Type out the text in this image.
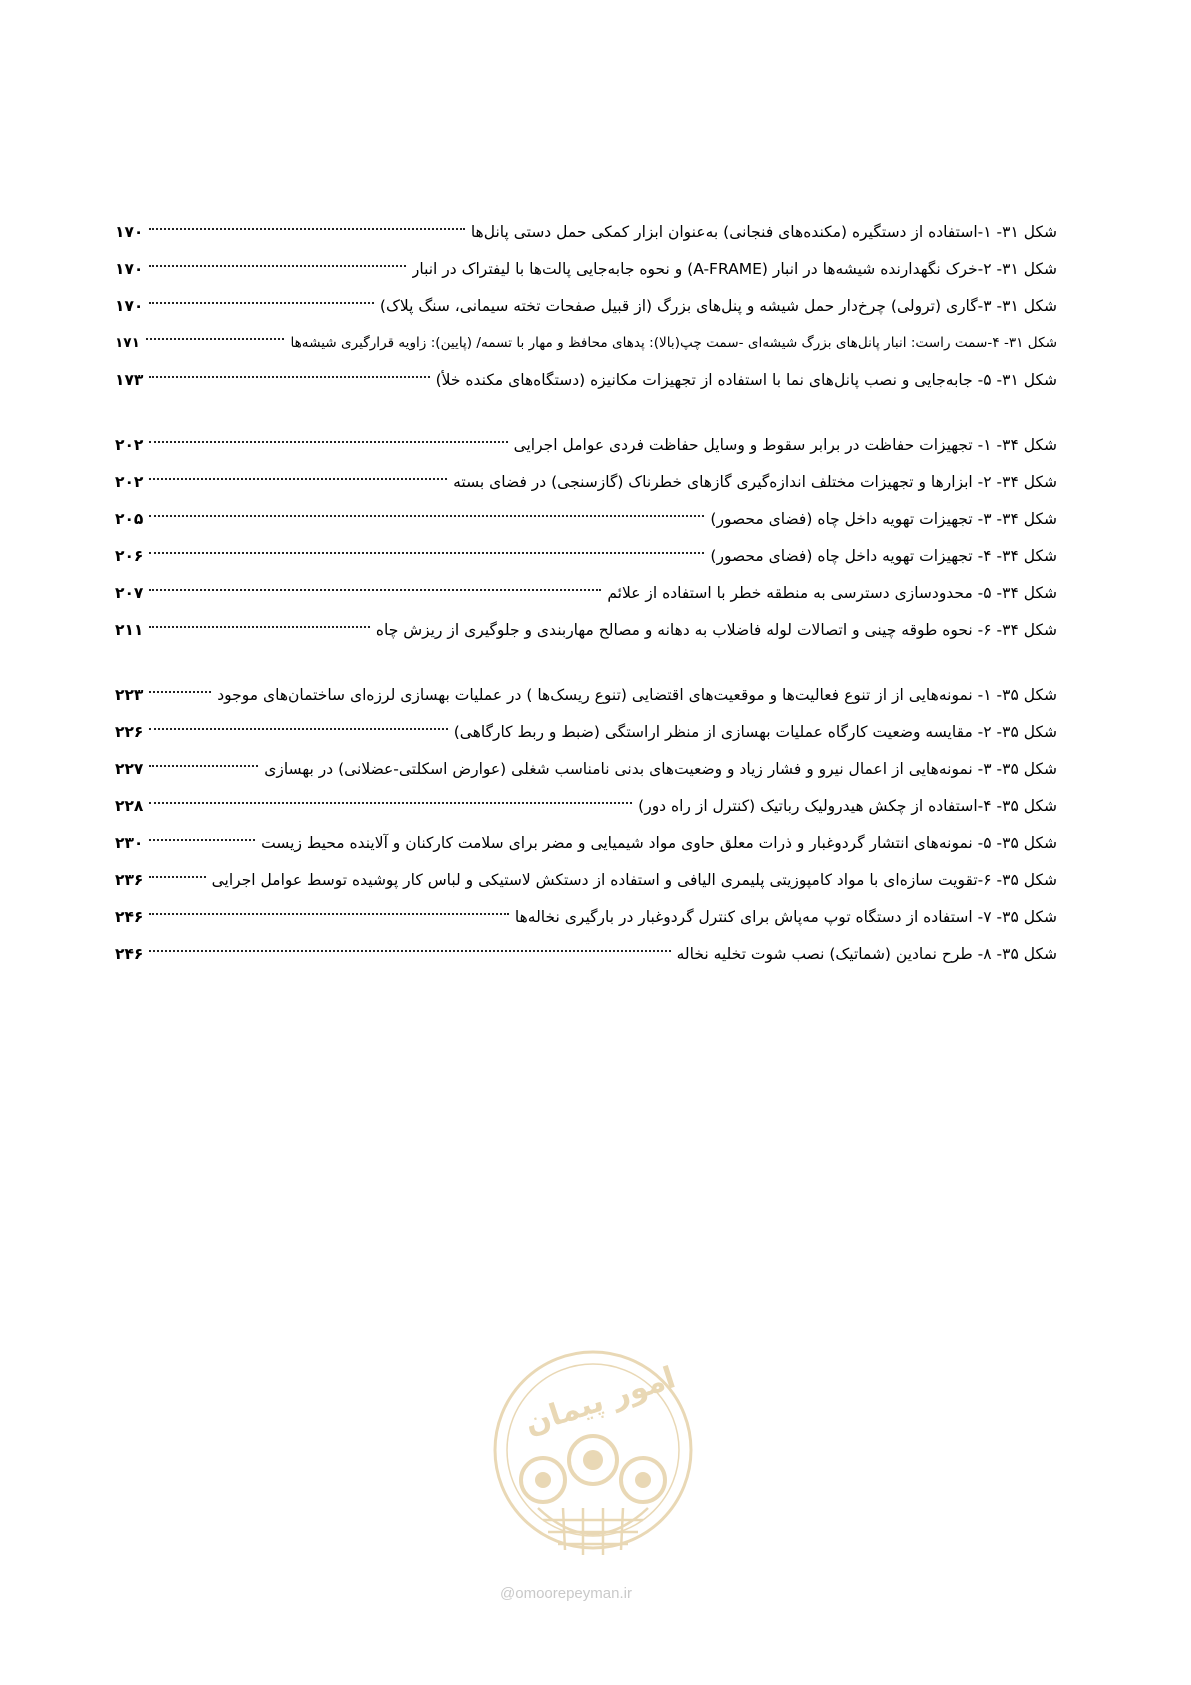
شکل ۳۱- ۱-استفاده از دستگیره (مکنده‌های فنجانی) به‌عنوان ابزار کمکی حمل دستی پانل‌ها
۱۷۰
شکل ۳۱- ۲-خرک نگهدارنده شیشه‌ها در انبار (A-FRAME) و نحوه جابه‌جایی پالت‌ها با لیفتراک در انبار
۱۷۰
شکل ۳۱- ۳-گاری (ترولی) چرخ‌دار حمل شیشه و پنل‌های بزرگ (از قبیل صفحات تخته سیمانی، سنگ پلاک)
۱۷۰
شکل ۳۱- ۴-سمت راست: انبار پانل‌های بزرگ شیشه‌ای -سمت چپ(بالا): پدهای محافظ و مهار با تسمه/ (پایین): زاویه قرارگیری شیشه‌ها
۱۷۱
شکل ۳۱- ۵- جابه‌جایی و نصب پانل‌های نما با استفاده از تجهیزات مکانیزه (دستگاه‌های مکنده خلأ)
۱۷۳
شکل ۳۴- ۱- تجهیزات حفاظت در برابر سقوط و وسایل حفاظت فردی عوامل اجرایی
۲۰۲
شکل ۳۴- ۲- ابزارها و تجهیزات مختلف اندازه‌گیری گازهای خطرناک (گازسنجی) در فضای بسته
۲۰۲
شکل ۳۴- ۳- تجهیزات تهویه داخل چاه (فضای محصور)
۲۰۵
شکل ۳۴- ۴- تجهیزات تهویه داخل چاه (فضای محصور)
۲۰۶
شکل ۳۴- ۵- محدودسازی دسترسی به منطقه خطر با استفاده از علائم
۲۰۷
شکل ۳۴- ۶- نحوه طوقه چینی و اتصالات لوله فاضلاب به دهانه و مصالح مهاربندی و جلوگیری از ریزش چاه
۲۱۱
شکل ۳۵- ۱- نمونه‌هایی از از تنوع فعالیت‌ها و موقعیت‌های اقتضایی (تنوع ریسک‌ها ) در عملیات بهسازی لرزه‌ای ساختمان‌های موجود
۲۲۳
شکل ۳۵- ۲- مقایسه وضعیت کارگاه عملیات بهسازی از منظر اراستگی (ضبط و ربط کارگاهی)
۲۲۶
شکل ۳۵- ۳- نمونه‌هایی از اعمال نیرو و فشار زیاد و وضعیت‌های بدنی نامناسب شغلی (عوارض اسکلتی-عضلانی) در بهسازی
۲۲۷
شکل ۳۵- ۴-استفاده از چکش هیدرولیک رباتیک (کنترل از راه دور)
۲۲۸
شکل ۳۵- ۵- نمونه‌های انتشار گردوغبار و ذرات معلق حاوی مواد شیمیایی و مضر برای سلامت کارکنان و آلاینده محیط زیست
۲۳۰
شکل ۳۵- ۶-تقویت سازه‌ای با مواد کامپوزیتی پلیمری الیافی و استفاده از دستکش لاستیکی و لباس کار پوشیده توسط عوامل اجرایی
۲۳۶
شکل ۳۵- ۷- استفاده از دستگاه توپ مه‌پاش برای کنترل گردوغبار در بارگیری نخاله‌ها
۲۴۶
شکل ۳۵- ۸- طرح نمادین (شماتیک) نصب شوت تخلیه نخاله
۲۴۶
امور پیمان
@omoorepeyman.ir
